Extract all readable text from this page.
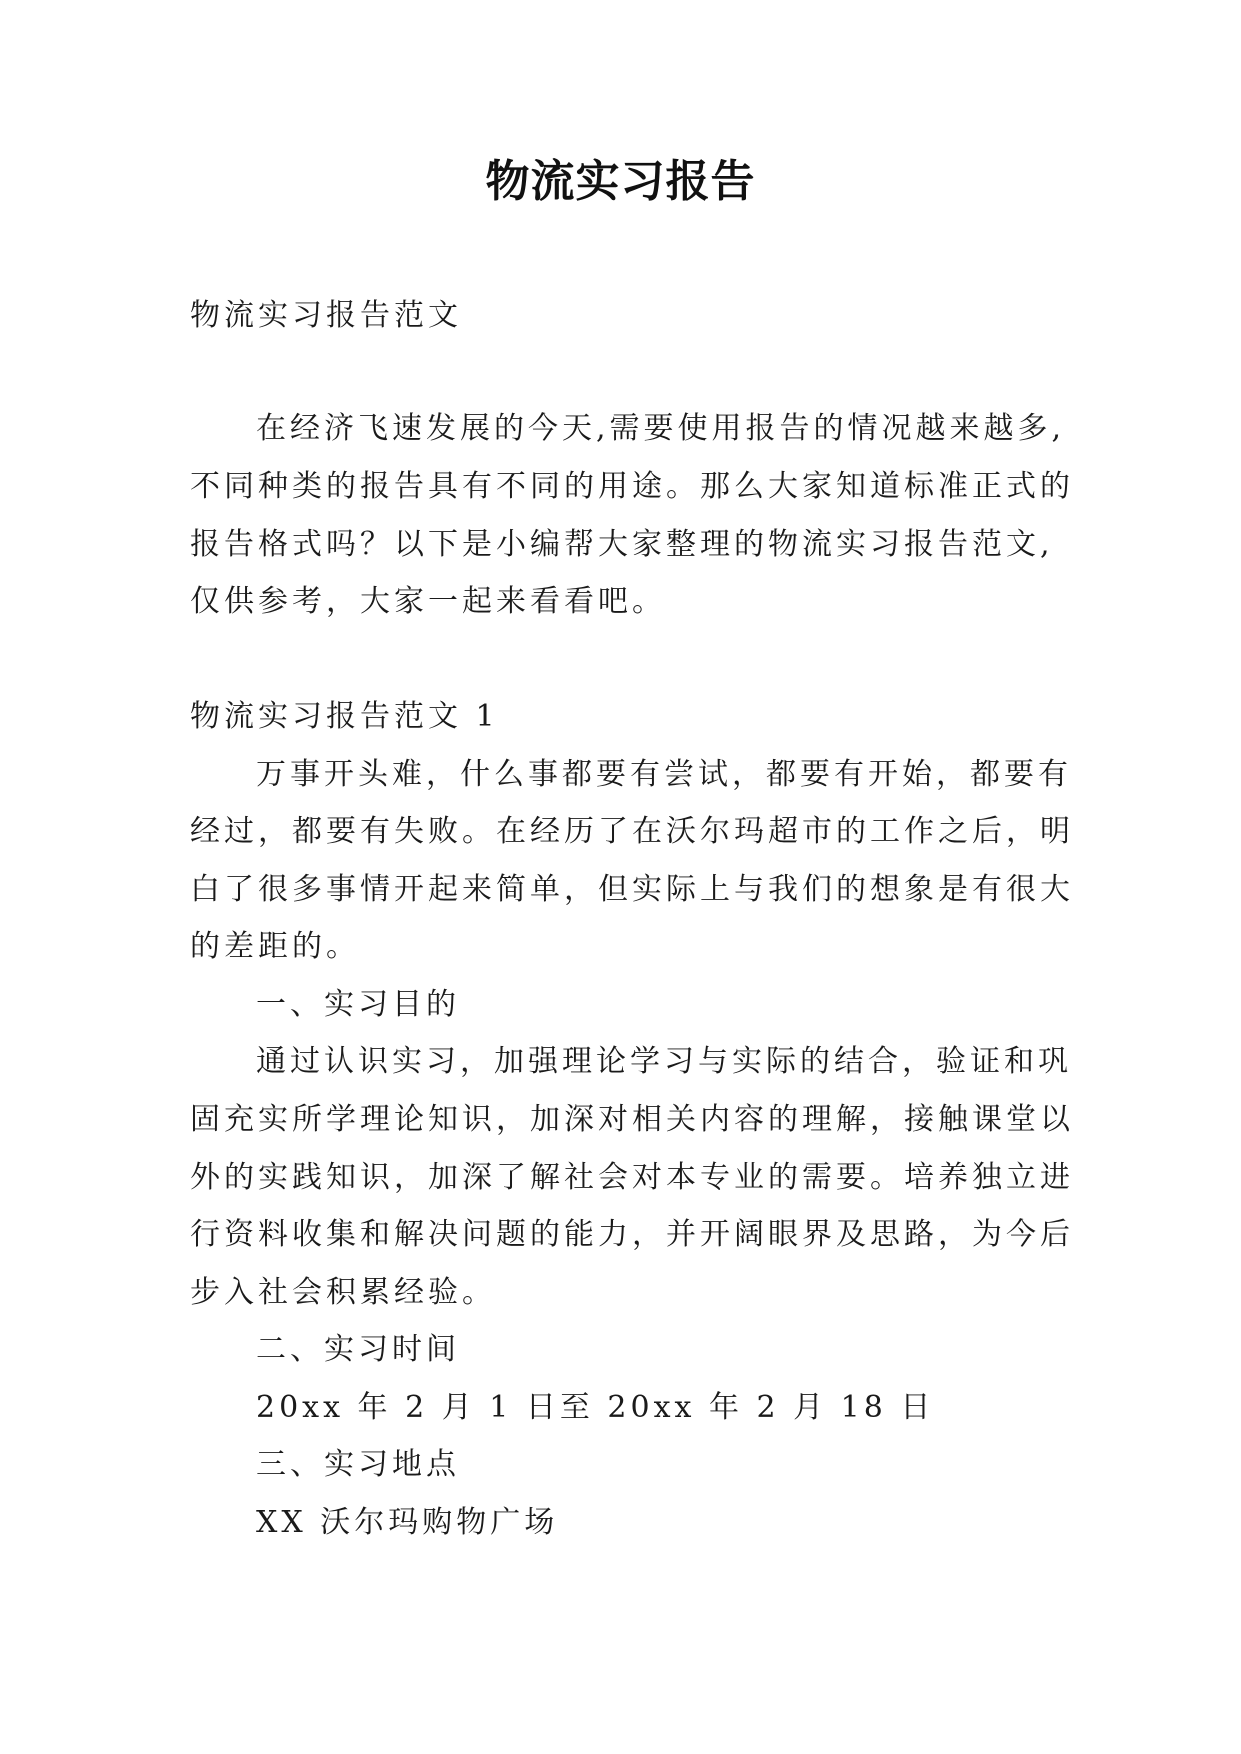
物流实习报告
物流实习报告范文
在经济飞速发展的今天,需要使用报告的情况越来越多,
不同种类的报告具有不同的用途。那么大家知道标准正式的
报告格式吗？以下是小编帮大家整理的物流实习报告范文,
仅供参考，大家一起来看看吧。
物流实习报告范文 1
万事开头难，什么事都要有尝试，都要有开始，都要有
经过，都要有失败。在经历了在沃尔玛超市的工作之后，明
白了很多事情开起来简单，但实际上与我们的想象是有很大
的差距的。
一、实习目的
通过认识实习，加强理论学习与实际的结合，验证和巩
固充实所学理论知识，加深对相关内容的理解，接触课堂以
外的实践知识，加深了解社会对本专业的需要。培养独立进
行资料收集和解决问题的能力，并开阔眼界及思路，为今后
步入社会积累经验。
二、实习时间
20xx 年 2 月 1 日至 20xx 年 2 月 18 日
三、实习地点
XX 沃尔玛购物广场
